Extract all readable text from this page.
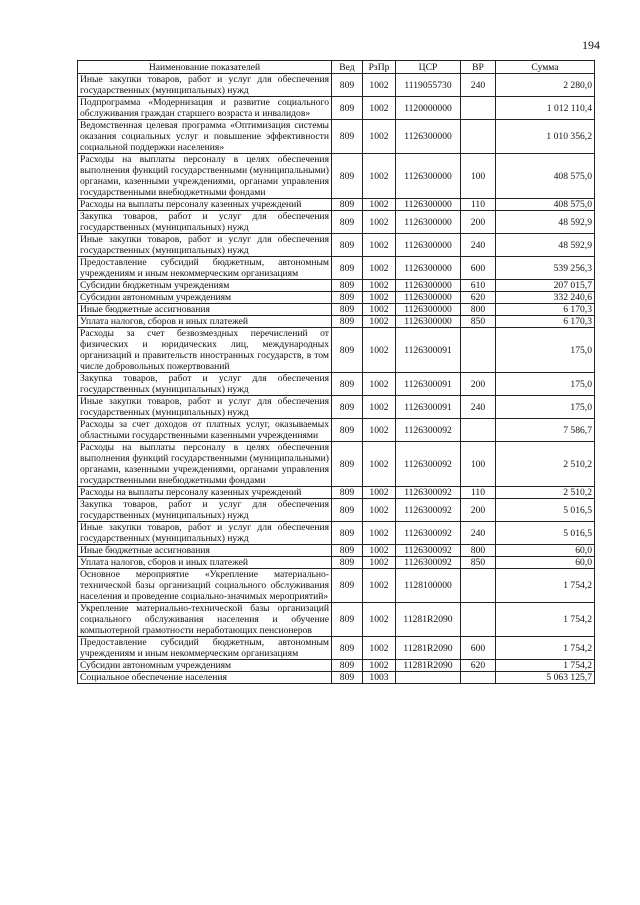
194
Наименование показателей	Вед	РзПр	ЦСР	ВР	Сумма
Иные закупки товаров, работ и услуг для обеспечения государственных (муниципальных) нужд	809	1002	1119055730	240	2 280,0
Подпрограмма «Модернизация и развитие социального обслуживания граждан старшего возраста и инвалидов»	809	1002	1120000000		1 012 110,4
Ведомственная целевая программа «Оптимизация системы оказания социальных услуг и повышение эффективности социальной поддержки населения»	809	1002	1126300000		1 010 356,2
Расходы на выплаты персоналу в целях обеспечения выполнения функций государственными (муниципальными) органами, казенными учреждениями, органами управления государственными внебюджетными фондами	809	1002	1126300000	100	408 575,0
Расходы на выплаты персоналу казенных учреждений	809	1002	1126300000	110	408 575,0
Закупка товаров, работ и услуг для обеспечения государственных (муниципальных) нужд	809	1002	1126300000	200	48 592,9
Иные закупки товаров, работ и услуг для обеспечения государственных (муниципальных) нужд	809	1002	1126300000	240	48 592,9
Предоставление субсидий бюджетным, автономным учреждениям и иным некоммерческим организациям	809	1002	1126300000	600	539 256,3
Субсидии бюджетным учреждениям	809	1002	1126300000	610	207 015,7
Субсидии автономным учреждениям	809	1002	1126300000	620	332 240,6
Иные бюджетные ассигнования	809	1002	1126300000	800	6 170,3
Уплата налогов, сборов и иных платежей	809	1002	1126300000	850	6 170,3
Расходы за счет безвозмездных перечислений от физических и юридических лиц, международных организаций и правительств иностранных государств, в том числе добровольных пожертвований	809	1002	1126300091		175,0
Закупка товаров, работ и услуг для обеспечения государственных (муниципальных) нужд	809	1002	1126300091	200	175,0
Иные закупки товаров, работ и услуг для обеспечения государственных (муниципальных) нужд	809	1002	1126300091	240	175,0
Расходы за счет доходов от платных услуг, оказываемых областными государственными казенными учреждениями	809	1002	1126300092		7 586,7
Расходы на выплаты персоналу в целях обеспечения выполнения функций государственными (муниципальными) органами, казенными учреждениями, органами управления государственными внебюджетными фондами	809	1002	1126300092	100	2 510,2
Расходы на выплаты персоналу казенных учреждений	809	1002	1126300092	110	2 510,2
Закупка товаров, работ и услуг для обеспечения государственных (муниципальных) нужд	809	1002	1126300092	200	5 016,5
Иные закупки товаров, работ и услуг для обеспечения государственных (муниципальных) нужд	809	1002	1126300092	240	5 016,5
Иные бюджетные ассигнования	809	1002	1126300092	800	60,0
Уплата налогов, сборов и иных платежей	809	1002	1126300092	850	60,0
Основное мероприятие «Укрепление материально-технической базы организаций социального обслуживания населения и проведение социально-значимых мероприятий»	809	1002	1128100000		1 754,2
Укрепление материально-технической базы организаций социального обслуживания населения и обучение компьютерной грамотности неработающих пенсионеров	809	1002	11281R2090		1 754,2
Предоставление субсидий бюджетным, автономным учреждениям и иным некоммерческим организациям	809	1002	11281R2090	600	1 754,2
Субсидии автономным учреждениям	809	1002	11281R2090	620	1 754,2
Социальное обеспечение населения	809	1003			5 063 125,7
